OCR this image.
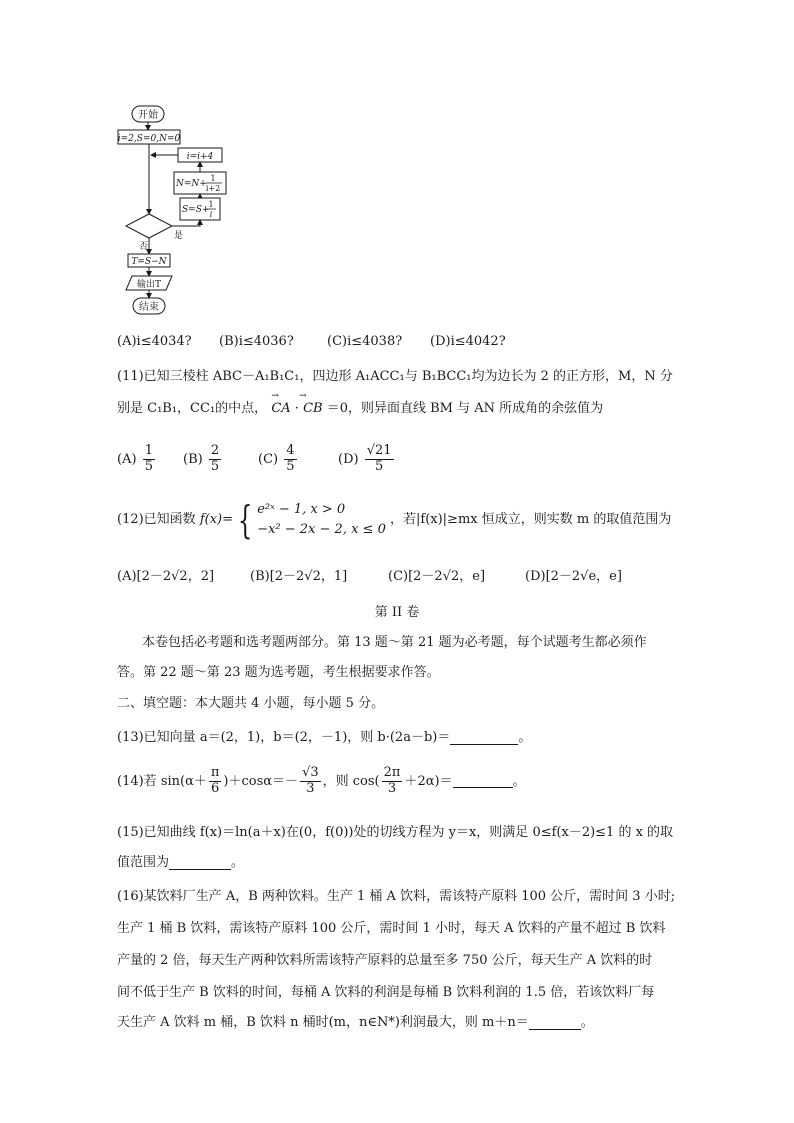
开始
i=2,S=0,N=0
i=i+4
N=N+
1
i+2
S=S+
1
i
是
否
T=S−N
输出T
结束
(A)i≤4034? (B)i≤4036?	(C)i≤4038? (D)i≤4042?
(11)已知三棱柱 ABC－A₁B₁C₁，四边形 A₁ACC₁与 B₁BCC₁均为边长为 2 的正方形，M，N 分
别是 C₁B₁，CC₁的中点，
→
CA ·
→
CB ＝0，则异面直线 BM 与 AN 所成角的余弦值为
$(A) \frac{1}{5} (B) \frac{2}{5}$	$(C) \frac{4}{5}$	$(D) \frac{√21}{5}$
(12)已知函数 f(x)= { e²ˣ − 1, x > 0
−x² − 2x − 2, x ≤ 0
，若|f(x)|≥mx 恒成立，则实数 m 的取值范围为
(A)[2－2√2，2]	(B)[2－2√2，1]	(C)[2－2√2，e]	(D)[2－2√e，e]
第 II 卷
本卷包括必考题和选考题两部分。第 13 题～第 21 题为必考题，每个试题考生都必须作
答。第 22 题～第 23 题为选考题，考生根据要求作答。
二、填空题：本大题共 4 小题，每小题 5 分。
(13)已知向量 a＝(2，1)，b＝(2，－1)，则 b·(2a－b)＝	。
(14)若 $\sin(\alpha+ \frac{\pi}{6} )+\cos\alpha=- \frac{√3}{3}$ ，则 $\cos( \frac{2\pi}{3} +2\alpha)=$	。
(15)已知曲线 f(x)＝ln(a＋x)在(0，f(0))处的切线方程为 y＝x，则满足 0≤f(x－2)≤1 的 x 的取
值范围为	。
(16)某饮料厂生产 A，B 两种饮料。生产 1 桶 A 饮料，需该特产原料 100 公斤，需时间 3 小时;
生产 1 桶 B 饮料，需该特产原料 100 公斤，需时间 1 小时，每天 A 饮料的产量不超过 B 饮料
产量的 2 倍，每天生产两种饮料所需该特产原料的总量至多 750 公斤，每天生产 A 饮料的时
间不低于生产 B 饮料的时间，每桶 A 饮料的利润是每桶 B 饮料利润的 1.5 倍，若该饮料厂每
天生产 A 饮料 m 桶，B 饮料 n 桶时(m，n∈N*)利润最大，则 m＋n＝	。
